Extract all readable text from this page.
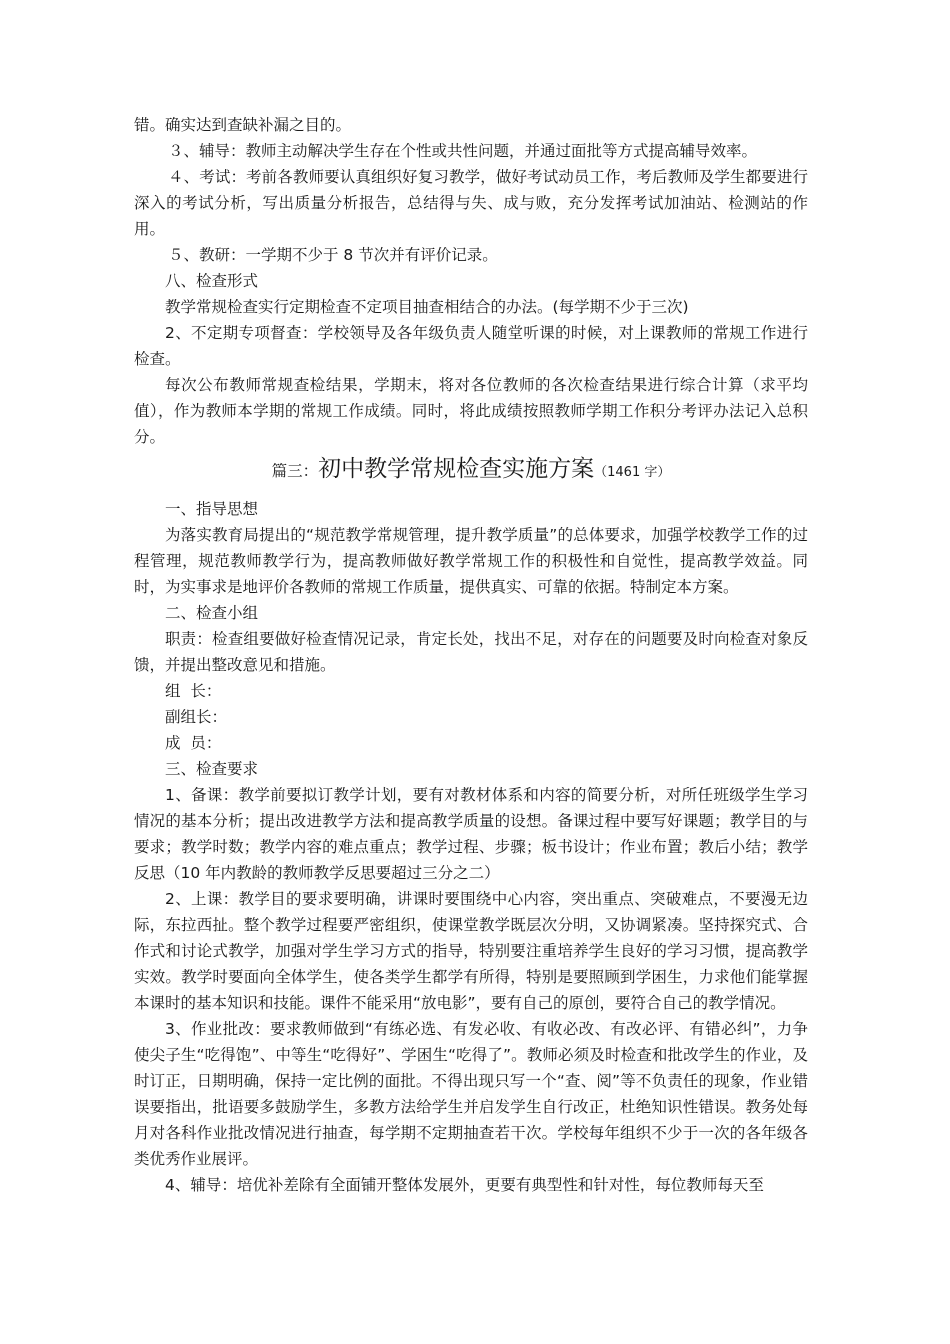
错。确实达到查缺补漏之目的。

３、辅导：教师主动解决学生存在个性或共性问题，并通过面批等方式提高辅导效率。

４、考试：考前各教师要认真组织好复习教学，做好考试动员工作，考后教师及学生都要进行深入的考试分析，写出质量分析报告，总结得与失、成与败，充分发挥考试加油站、检测站的作用。

５、教研：一学期不少于 8 节次并有评价记录。

八、检查形式

教学常规检查实行定期检查不定项目抽查相结合的办法。(每学期不少于三次)

2、不定期专项督查：学校领导及各年级负责人随堂听课的时候，对上课教师的常规工作进行检查。

每次公布教师常规查检结果，学期末，将对各位教师的各次检查结果进行综合计算（求平均值），作为教师本学期的常规工作成绩。同时，将此成绩按照教师学期工作积分考评办法记入总积分。

篇三：初中教学常规检查实施方案（1461 字）

一、指导思想

为落实教育局提出的“规范教学常规管理，提升教学质量”的总体要求，加强学校教学工作的过程管理，规范教师教学行为，提高教师做好教学常规工作的积极性和自觉性，提高教学效益。同时，为实事求是地评价各教师的常规工作质量，提供真实、可靠的依据。特制定本方案。

二、检查小组

职责：检查组要做好检查情况记录，肯定长处，找出不足，对存在的问题要及时向检查对象反馈，并提出整改意见和措施。

组  长：

副组长：

成  员：

三、检查要求

1、备课：教学前要拟订教学计划，要有对教材体系和内容的简要分析，对所任班级学生学习情况的基本分析；提出改进教学方法和提高教学质量的设想。备课过程中要写好课题；教学目的与要求；教学时数；教学内容的难点重点；教学过程、步骤；板书设计；作业布置；教后小结；教学反思（10 年内教龄的教师教学反思要超过三分之二）

2、上课：教学目的要求要明确，讲课时要围绕中心内容，突出重点、突破难点，不要漫无边际，东拉西扯。整个教学过程要严密组织，使课堂教学既层次分明，又协调紧凑。坚持探究式、合作式和讨论式教学，加强对学生学习方式的指导，特别要注重培养学生良好的学习习惯，提高教学实效。教学时要面向全体学生，使各类学生都学有所得，特别是要照顾到学困生，力求他们能掌握本课时的基本知识和技能。课件不能采用“放电影”，要有自己的原创，要符合自己的教学情况。

3、作业批改：要求教师做到“有练必选、有发必收、有收必改、有改必评、有错必纠”，力争使尖子生“吃得饱”、中等生“吃得好”、学困生“吃得了”。教师必须及时检查和批改学生的作业，及时订正，日期明确，保持一定比例的面批。不得出现只写一个“查、阅”等不负责任的现象，作业错误要指出，批语要多鼓励学生，多教方法给学生并启发学生自行改正，杜绝知识性错误。教务处每月对各科作业批改情况进行抽查，每学期不定期抽查若干次。学校每年组织不少于一次的各年级各类优秀作业展评。

4、辅导：培优补差除有全面铺开整体发展外，更要有典型性和针对性，每位教师每天至
